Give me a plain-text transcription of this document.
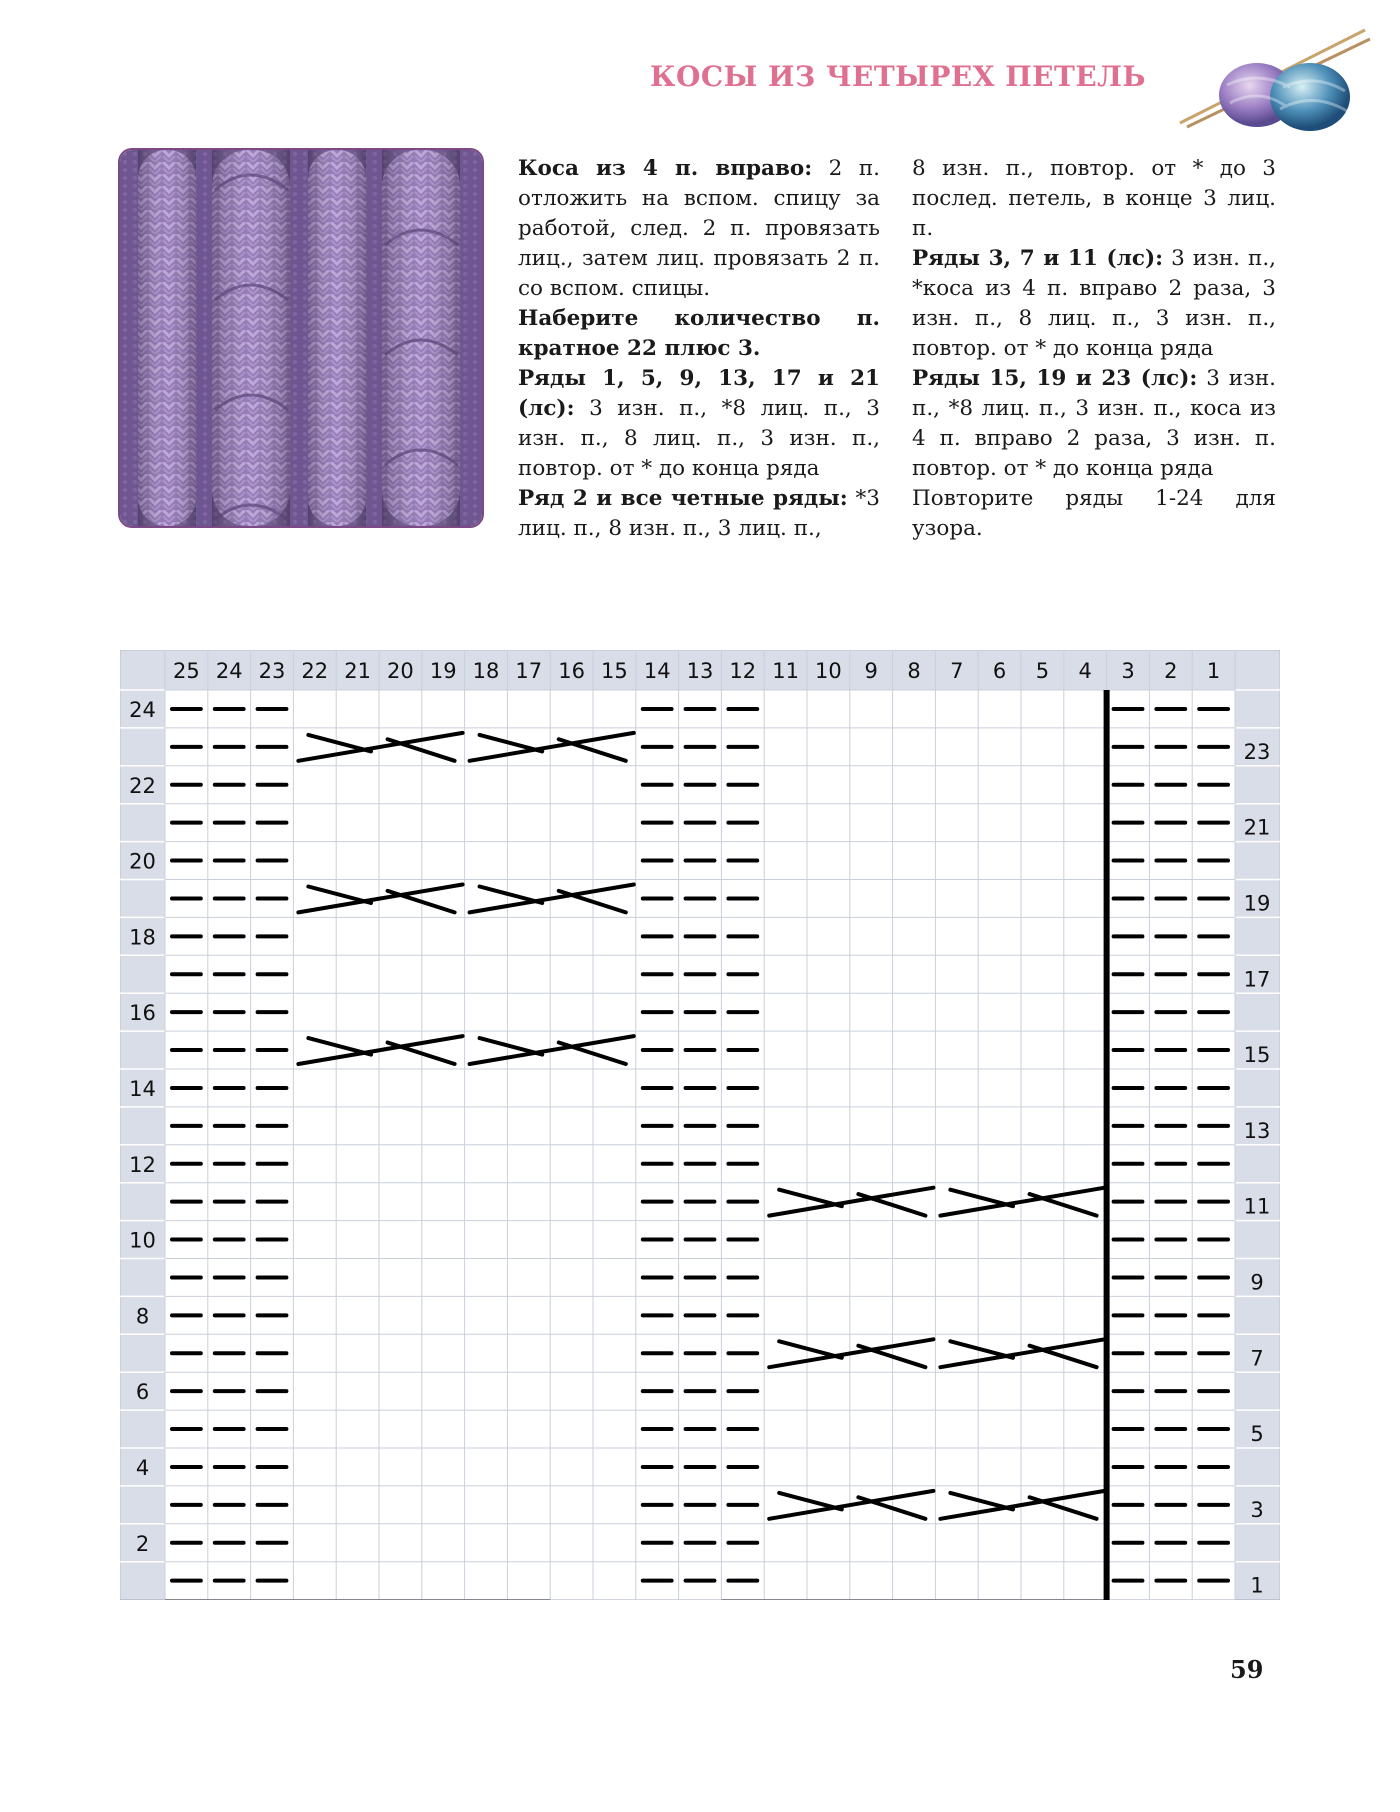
КОСЫ ИЗ ЧЕТЫРЕХ ПЕТЕЛЬ

Коса из 4 п. вправо: 2 п. отложить на вспом. спицу за работой, след. 2 п. провязать лиц., затем лиц. провязать 2 п. со вспом. спицы.

Наберите количество п. кратное 22 плюс 3.

Ряды 1, 5, 9, 13, 17 и 21 (лс): 3 изн. п., *8 лиц. п., 3 изн. п., 8 лиц. п., 3 изн. п., повтор. от * до конца ряда

Ряд 2 и все четные ряды: *3 лиц. п., 8 изн. п., 3 лиц. п.,

8 изн. п., повтор. от * до 3 послед. петель, в конце 3 лиц. п.

Ряды 3, 7 и 11 (лс): 3 изн. п., *коса из 4 п. вправо 2 раза, 3 изн. п., 8 лиц. п., 3 изн. п., повтор. от * до конца ряда

Ряды 15, 19 и 23 (лс): 3 изн. п., *8 лиц. п., 3 изн. п., коса из 4 п. вправо 2 раза, 3 изн. п. повтор. от * до конца ряда

Повторите ряды 1-24 для узора.

25 24 23 22 21 20 19 18 17 16 15 14 13 12 11 10 9 8 7 6 5 4 3 2 1
24
22
20
18
16
14
12
10
8
6
4
2
23
21
19
17
15
13
11
9
7
5
3
1
59
